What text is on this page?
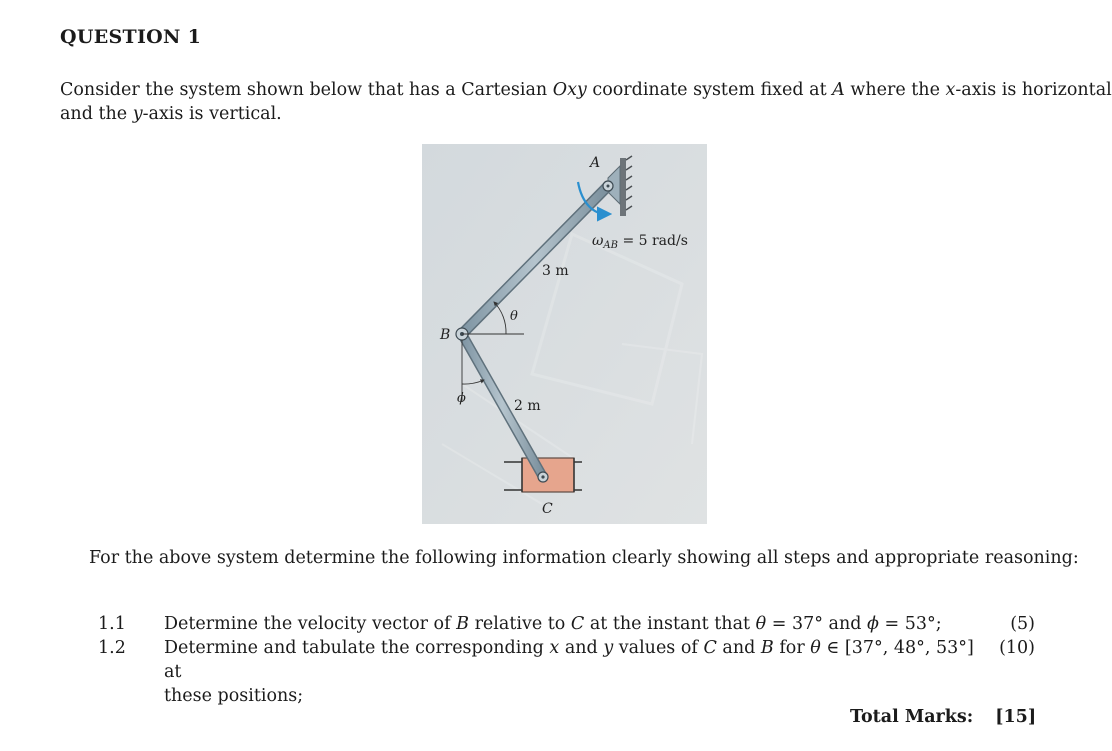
QUESTION 1
Consider the system shown below that has a Cartesian Oxy coordinate system fixed at A where the x-axis is horizontal
and the y-axis is vertical.
A
B
C
θ
ϕ
3 m
2 m
$\omega_{AB} = 5$ rad/s
For the above system determine the following information clearly showing all steps and appropriate reasoning:
1.1 Determine the velocity vector of B relative to C at the instant that θ = 37° and ϕ = 53°;	(5)
1.2 Determine and tabulate the corresponding x and y values of C and B for θ ∈ [37°, 48°, 53°] at
these positions;
(10)
Total Marks: [15]
